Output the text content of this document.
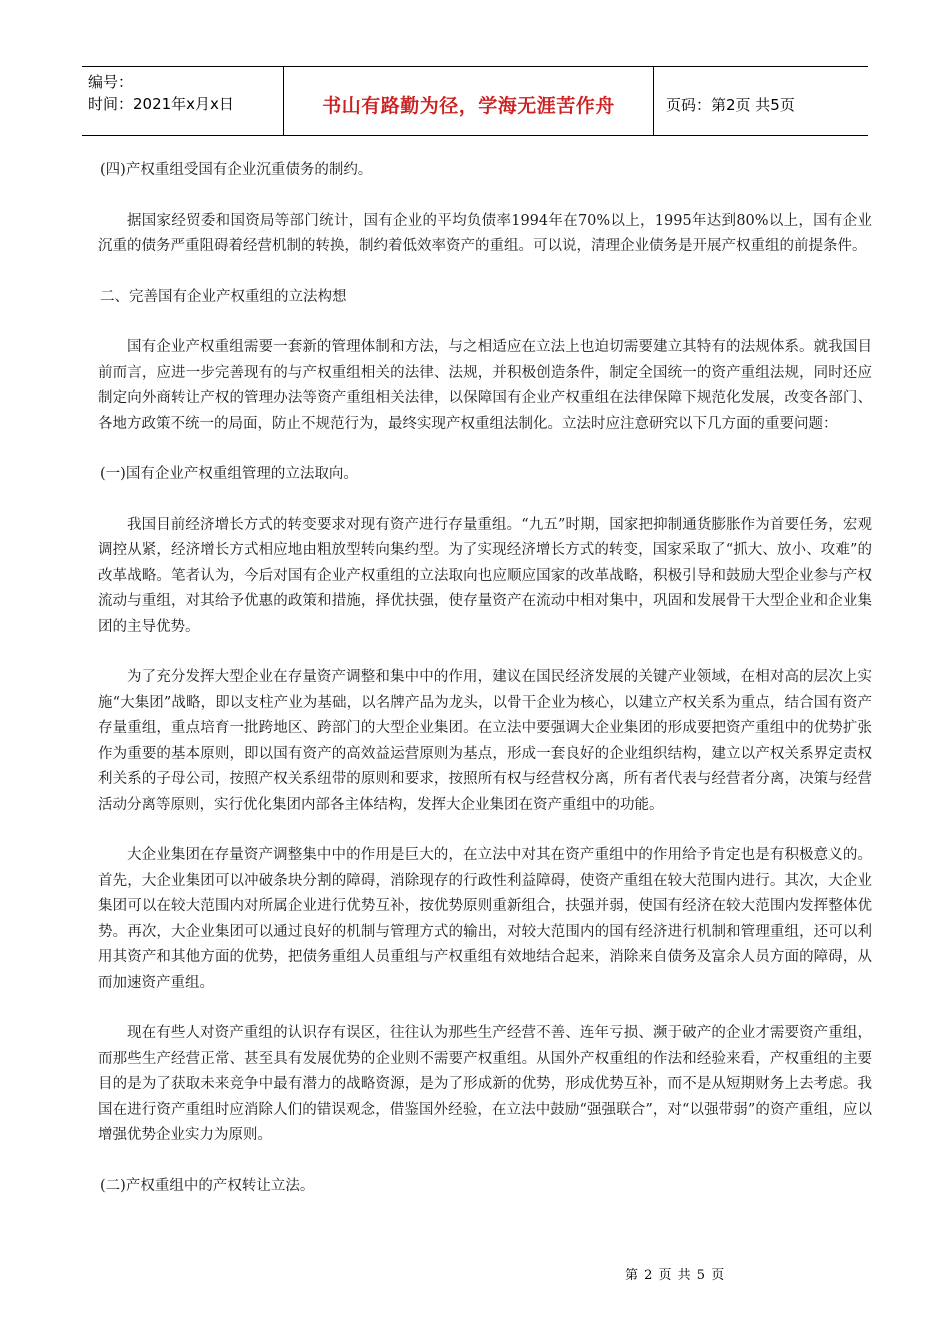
编号：
时间：2021年x月x日	书山有路勤为径，学海无涯苦作舟	页码：第2页 共5页

(四)产权重组受国有企业沉重债务的制约。

据国家经贸委和国资局等部门统计，国有企业的平均负债率1994年在70%以上，1995年达到80%以上，国有企业沉重的债务严重阻碍着经营机制的转换，制约着低效率资产的重组。可以说，清理企业债务是开展产权重组的前提条件。

二、完善国有企业产权重组的立法构想

国有企业产权重组需要一套新的管理体制和方法，与之相适应在立法上也迫切需要建立其特有的法规体系。就我国目前而言，应进一步完善现有的与产权重组相关的法律、法规，并积极创造条件，制定全国统一的资产重组法规，同时还应制定向外商转让产权的管理办法等资产重组相关法律，以保障国有企业产权重组在法律保障下规范化发展，改变各部门、各地方政策不统一的局面，防止不规范行为，最终实现产权重组法制化。立法时应注意研究以下几方面的重要问题：

(一)国有企业产权重组管理的立法取向。

我国目前经济增长方式的转变要求对现有资产进行存量重组。“九五”时期，国家把抑制通货膨胀作为首要任务，宏观调控从紧，经济增长方式相应地由粗放型转向集约型。为了实现经济增长方式的转变，国家采取了“抓大、放小、攻难”的改革战略。笔者认为，今后对国有企业产权重组的立法取向也应顺应国家的改革战略，积极引导和鼓励大型企业参与产权流动与重组，对其给予优惠的政策和措施，择优扶强，使存量资产在流动中相对集中，巩固和发展骨干大型企业和企业集团的主导优势。

为了充分发挥大型企业在存量资产调整和集中中的作用，建议在国民经济发展的关键产业领域，在相对高的层次上实施“大集团”战略，即以支柱产业为基础，以名牌产品为龙头，以骨干企业为核心，以建立产权关系为重点，结合国有资产存量重组，重点培育一批跨地区、跨部门的大型企业集团。在立法中要强调大企业集团的形成要把资产重组中的优势扩张作为重要的基本原则，即以国有资产的高效益运营原则为基点，形成一套良好的企业组织结构，建立以产权关系界定责权利关系的子母公司，按照产权关系纽带的原则和要求，按照所有权与经营权分离，所有者代表与经营者分离，决策与经营活动分离等原则，实行优化集团内部各主体结构，发挥大企业集团在资产重组中的功能。

大企业集团在存量资产调整集中中的作用是巨大的，在立法中对其在资产重组中的作用给予肯定也是有积极意义的。首先，大企业集团可以冲破条块分割的障碍，消除现存的行政性利益障碍，使资产重组在较大范围内进行。其次，大企业集团可以在较大范围内对所属企业进行优势互补，按优势原则重新组合，扶强并弱，使国有经济在较大范围内发挥整体优势。再次，大企业集团可以通过良好的机制与管理方式的输出，对较大范围内的国有经济进行机制和管理重组，还可以利用其资产和其他方面的优势，把债务重组人员重组与产权重组有效地结合起来，消除来自债务及富余人员方面的障碍，从而加速资产重组。

现在有些人对资产重组的认识存有误区，往往认为那些生产经营不善、连年亏损、濒于破产的企业才需要资产重组，而那些生产经营正常、甚至具有发展优势的企业则不需要产权重组。从国外产权重组的作法和经验来看，产权重组的主要目的是为了获取未来竞争中最有潜力的战略资源，是为了形成新的优势，形成优势互补，而不是从短期财务上去考虑。我国在进行资产重组时应消除人们的错误观念，借鉴国外经验，在立法中鼓励“强强联合”，对“以强带弱”的资产重组，应以增强优势企业实力为原则。

(二)产权重组中的产权转让立法。

第 2 页 共 5 页
